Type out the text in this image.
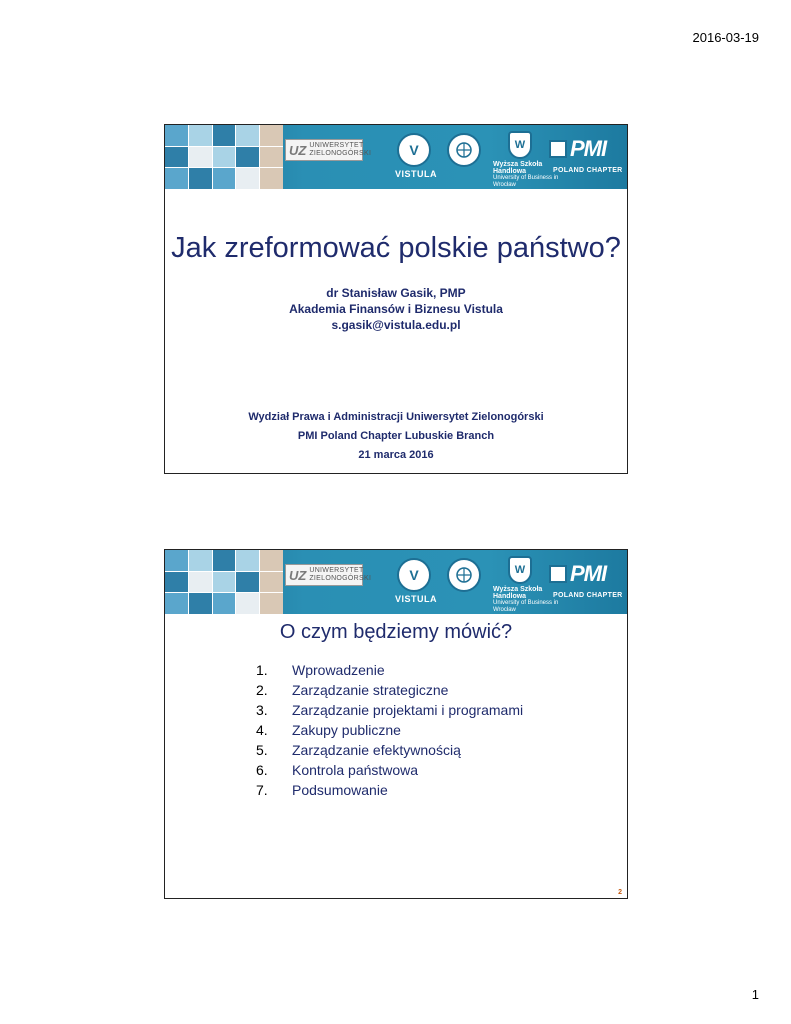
2016-03-19
UZ UNIWERSYTET
ZIELONOGÓRSKI	V
VISTULA
W
Wyższa Szkoła Handlowa
University of Business in Wrocław
PMI
POLAND CHAPTER
Jak zreformować polskie państwo?
dr Stanisław Gasik, PMP
Akademia Finansów i Biznesu Vistula
s.gasik@vistula.edu.pl
Wydział Prawa i Administracji Uniwersytet Zielonogórski
PMI Poland Chapter Lubuskie Branch
21 marca 2016
UZ UNIWERSYTET
ZIELONOGÓRSKI	V
VISTULA
W
Wyższa Szkoła Handlowa
University of Business in Wrocław
PMI
POLAND CHAPTER
O czym będziemy mówić?
1.	Wprowadzenie
2.	Zarządzanie strategiczne
3.	Zarządzanie projektami i programami
4.	Zakupy publiczne
5.	Zarządzanie efektywnością
6.	Kontrola państwowa
7.	Podsumowanie
2
1
